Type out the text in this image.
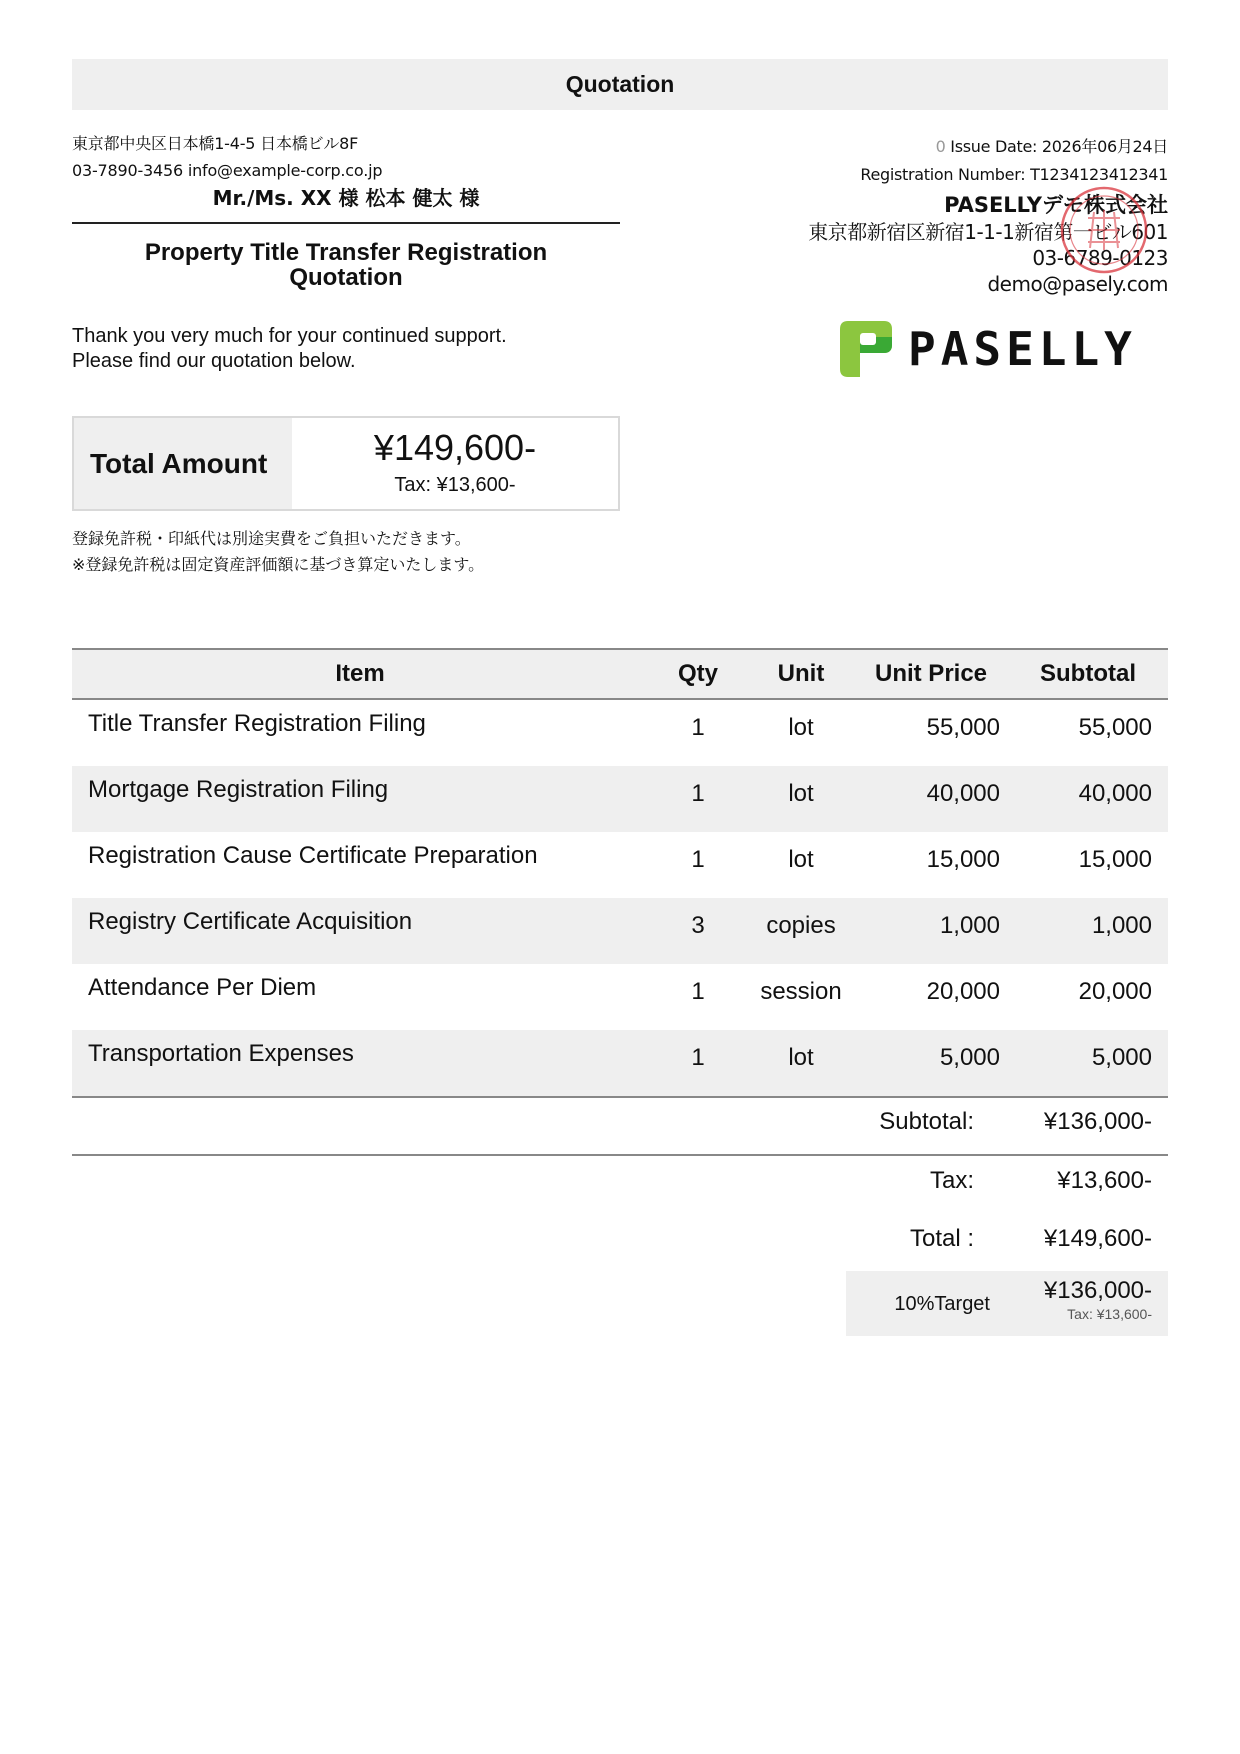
Quotation
東京都中央区日本橋1-4-5 日本橋ビル8F
03-7890-3456 info@example-corp.co.jp
Mr./Ms. XX 様 松本 健太 様
Property Title Transfer Registration
Quotation
Thank you very much for your continued support.
Please find our quotation below.
Total Amount	¥149,600-
Tax: ¥13,600-
登録免許税・印紙代は別途実費をご負担いただきます。
※登録免許税は固定資産評価額に基づき算定いたします。
0 Issue Date: 2026年06月24日
Registration Number: T1234123412341
PASELLYデモ株式会社
東京都新宿区新宿1-1-1新宿第一ビル601
03-6789-0123
demo@pasely.com
PASELLY
Item	Qty	Unit	Unit Price	Subtotal
Title Transfer Registration Filing	1	lot	55,000	55,000
Mortgage Registration Filing	1	lot	40,000	40,000
Registration Cause Certificate Preparation	1	lot	15,000	15,000
Registry Certificate Acquisition	3	copies	1,000	1,000
Attendance Per Diem	1	session	20,000	20,000
Transportation Expenses	1	lot	5,000	5,000
Subtotal:	¥136,000-
Tax:	¥13,600-
Total :	¥149,600-
10%Target	¥136,000-
Tax: ¥13,600-
